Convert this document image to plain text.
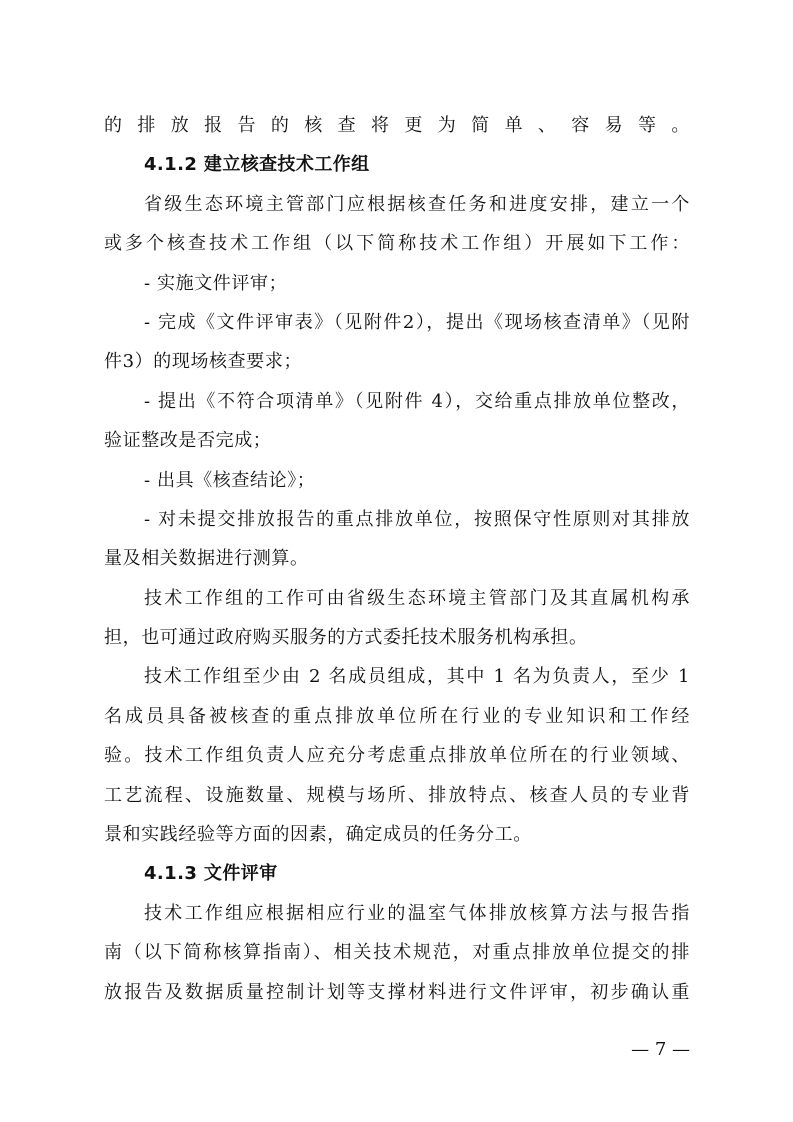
的排放报告的核查将更为简单、容易等。
4.1.2 建立核查技术工作组
省级生态环境主管部门应根据核查任务和进度安排，建立一个
或多个核查技术工作组（以下简称技术工作组）开展如下工作：
- 实施文件评审；
- 完成《文件评审表》（见附件2），提出《现场核查清单》（见附
件3）的现场核查要求；
- 提出《不符合项清单》（见附件 4），交给重点排放单位整改，
验证整改是否完成；
- 出具《核查结论》；
- 对未提交排放报告的重点排放单位，按照保守性原则对其排放
量及相关数据进行测算。
技术工作组的工作可由省级生态环境主管部门及其直属机构承
担，也可通过政府购买服务的方式委托技术服务机构承担。
技术工作组至少由 2 名成员组成，其中 1 名为负责人，至少 1
名成员具备被核查的重点排放单位所在行业的专业知识和工作经
验。技术工作组负责人应充分考虑重点排放单位所在的行业领域、
工艺流程、设施数量、规模与场所、排放特点、核查人员的专业背
景和实践经验等方面的因素，确定成员的任务分工。
4.1.3 文件评审
技术工作组应根据相应行业的温室气体排放核算方法与报告指
南（以下简称核算指南）、相关技术规范，对重点排放单位提交的排
放报告及数据质量控制计划等支撑材料进行文件评审，初步确认重
— 7 —
